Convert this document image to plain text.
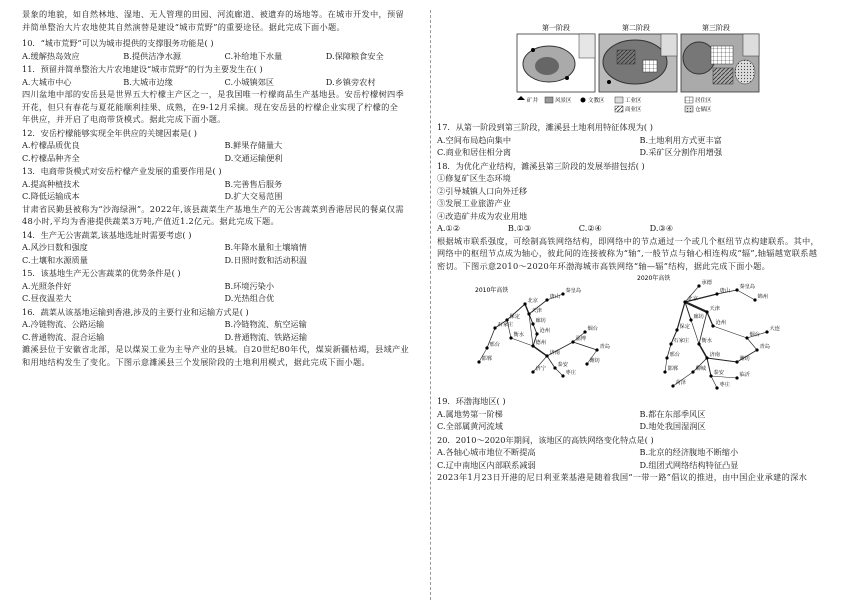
景象的地貌，如自然林地、湿地、无人管理的田园、河流廊道、被遗弃的场地等。在城市开发中，预留

并简单整治大片农地使其自然演替是建设“城市荒野”的重要途径。据此完成下面小题。

10．“城市荒野”可以为城市提供的支撑服务功能是( )

A.缓解热岛效应	B.提供洁净水源	C.补给地下水量	D.保障粮食安全

11．预留并简单整治大片农地建设“城市荒野”的行为主要发生在( )

A.大城市中心	B.大城市边缘	C.小城镇郊区	D.乡镇旁农村

四川盆地中部的安岳县是世界五大柠檬主产区之一，是我国唯一柠檬商品生产基地县。安岳柠檬树四季

开花，但只有春花与夏花能顺利挂果、成熟，在9-12月采摘。现在安岳县的柠檬企业实现了柠檬的全

年供应，并开启了电商带货模式。据此完成下面小题。

12．安岳柠檬能够实现全年供应的关键因素是( )

A.柠檬品质优良	B.鲜果存储量大
C.柠檬品种齐全	D.交通运输便利

13．电商带货模式对安岳柠檬产业发展的重要作用是( )

A.提高种植技术	B.完善售后服务
C.降低运输成本	D.扩大交易范围

甘肃省民勤县被称为“沙海绿洲”。2022年,该县蔬菜生产基地生产的无公害蔬菜到香港居民的餐桌仅需

48小时,平均为香港提供蔬菜3万吨,产值近1.2亿元。据此完成下题。

14．生产无公害蔬菜,该基地选址时需要考虑( )

A.风沙日数和强度	B.年降水量和土壤墒情
C.土壤和水源质量	D.日照时数和活动积温

15．该基地生产无公害蔬菜的优势条件是( )

A.光照条件好	B.环境污染小
C.昼夜温差大	D.光热组合优

16．蔬菜从该基地运输到香港,涉及的主要行业和运输方式是( )

A.冷链物流、公路运输	B.冷链物流、航空运输
C.普通物流、混合运输	D.普通物流、铁路运输

濉溪县位于安徽省北部，是以煤炭工业为主导产业的县城。自20世纪80年代，煤炭新疆枯竭，县域产业

和用地结构发生了变化。下图示意濉溪县三个发展阶段的土地利用模式，据此完成下面小题。

第一阶段	第二阶段	第三阶段
矿井	风景区	文教区	工业区	居住区
商业区	仓储区

17．从第一阶段到第三阶段，濉溪县土地利用特征体现为( )

A.空间布局趋向集中	B.土地利用方式更丰富
C.商业和居住相分离	D.采矿区分割作用增强

18．为优化产业结构，濉溪县第三阶段的发展举措包括( )

①修复矿区生态环境

②引导城镇人口向外迁移

③发展工业旅游产业

④改造矿井成为农业用地

A.①②	B.①③	C.②④	D.③④

根据城市联系强度，可绘制高铁网络结构，即网络中的节点通过一个或几个枢纽节点构建联系。其中，

网络中的枢纽节点成为轴心，彼此间的连接被称为“轴”,一般节点与轴心相连构成“辐”,轴辐越宽联系越

密切。下图示意2010～2020年环渤海城市高铁网络“轴—辐”结构，据此完成下面小题。

2010年高铁
2020年高铁
唐山
秦皇岛
天津
北京
廊坊
保定
沧州
石家庄
衡水
邢台
邯郸
德州
济南
淄博
潍坊
青岛
烟台
泰安
枣庄
济宁
承德
唐山
秦皇岛
锦州
北京
天津
廊坊
沧州
保定	大连
烟台
石家庄 衡水
青岛
邢台	济南
潍坊
邯郸	聊城
泰安	临沂
菏泽	枣庄

19．环渤海地区( )

A.属地势第一阶梯	B.都在东部季风区
C.全部属黄河流域	D.地处我国湿润区

20．2010～2020年期间，该地区的高铁网络变化特点是( )

A.各轴心城市地位不断提高	B.北京的经济腹地不断缩小
C.辽中南地区内部联系减弱	D.组团式网络结构特征凸显

2023年1月23日开港的尼日利亚莱基港是随着我国“一带一路”倡议的推进，由中国企业承建的深水
